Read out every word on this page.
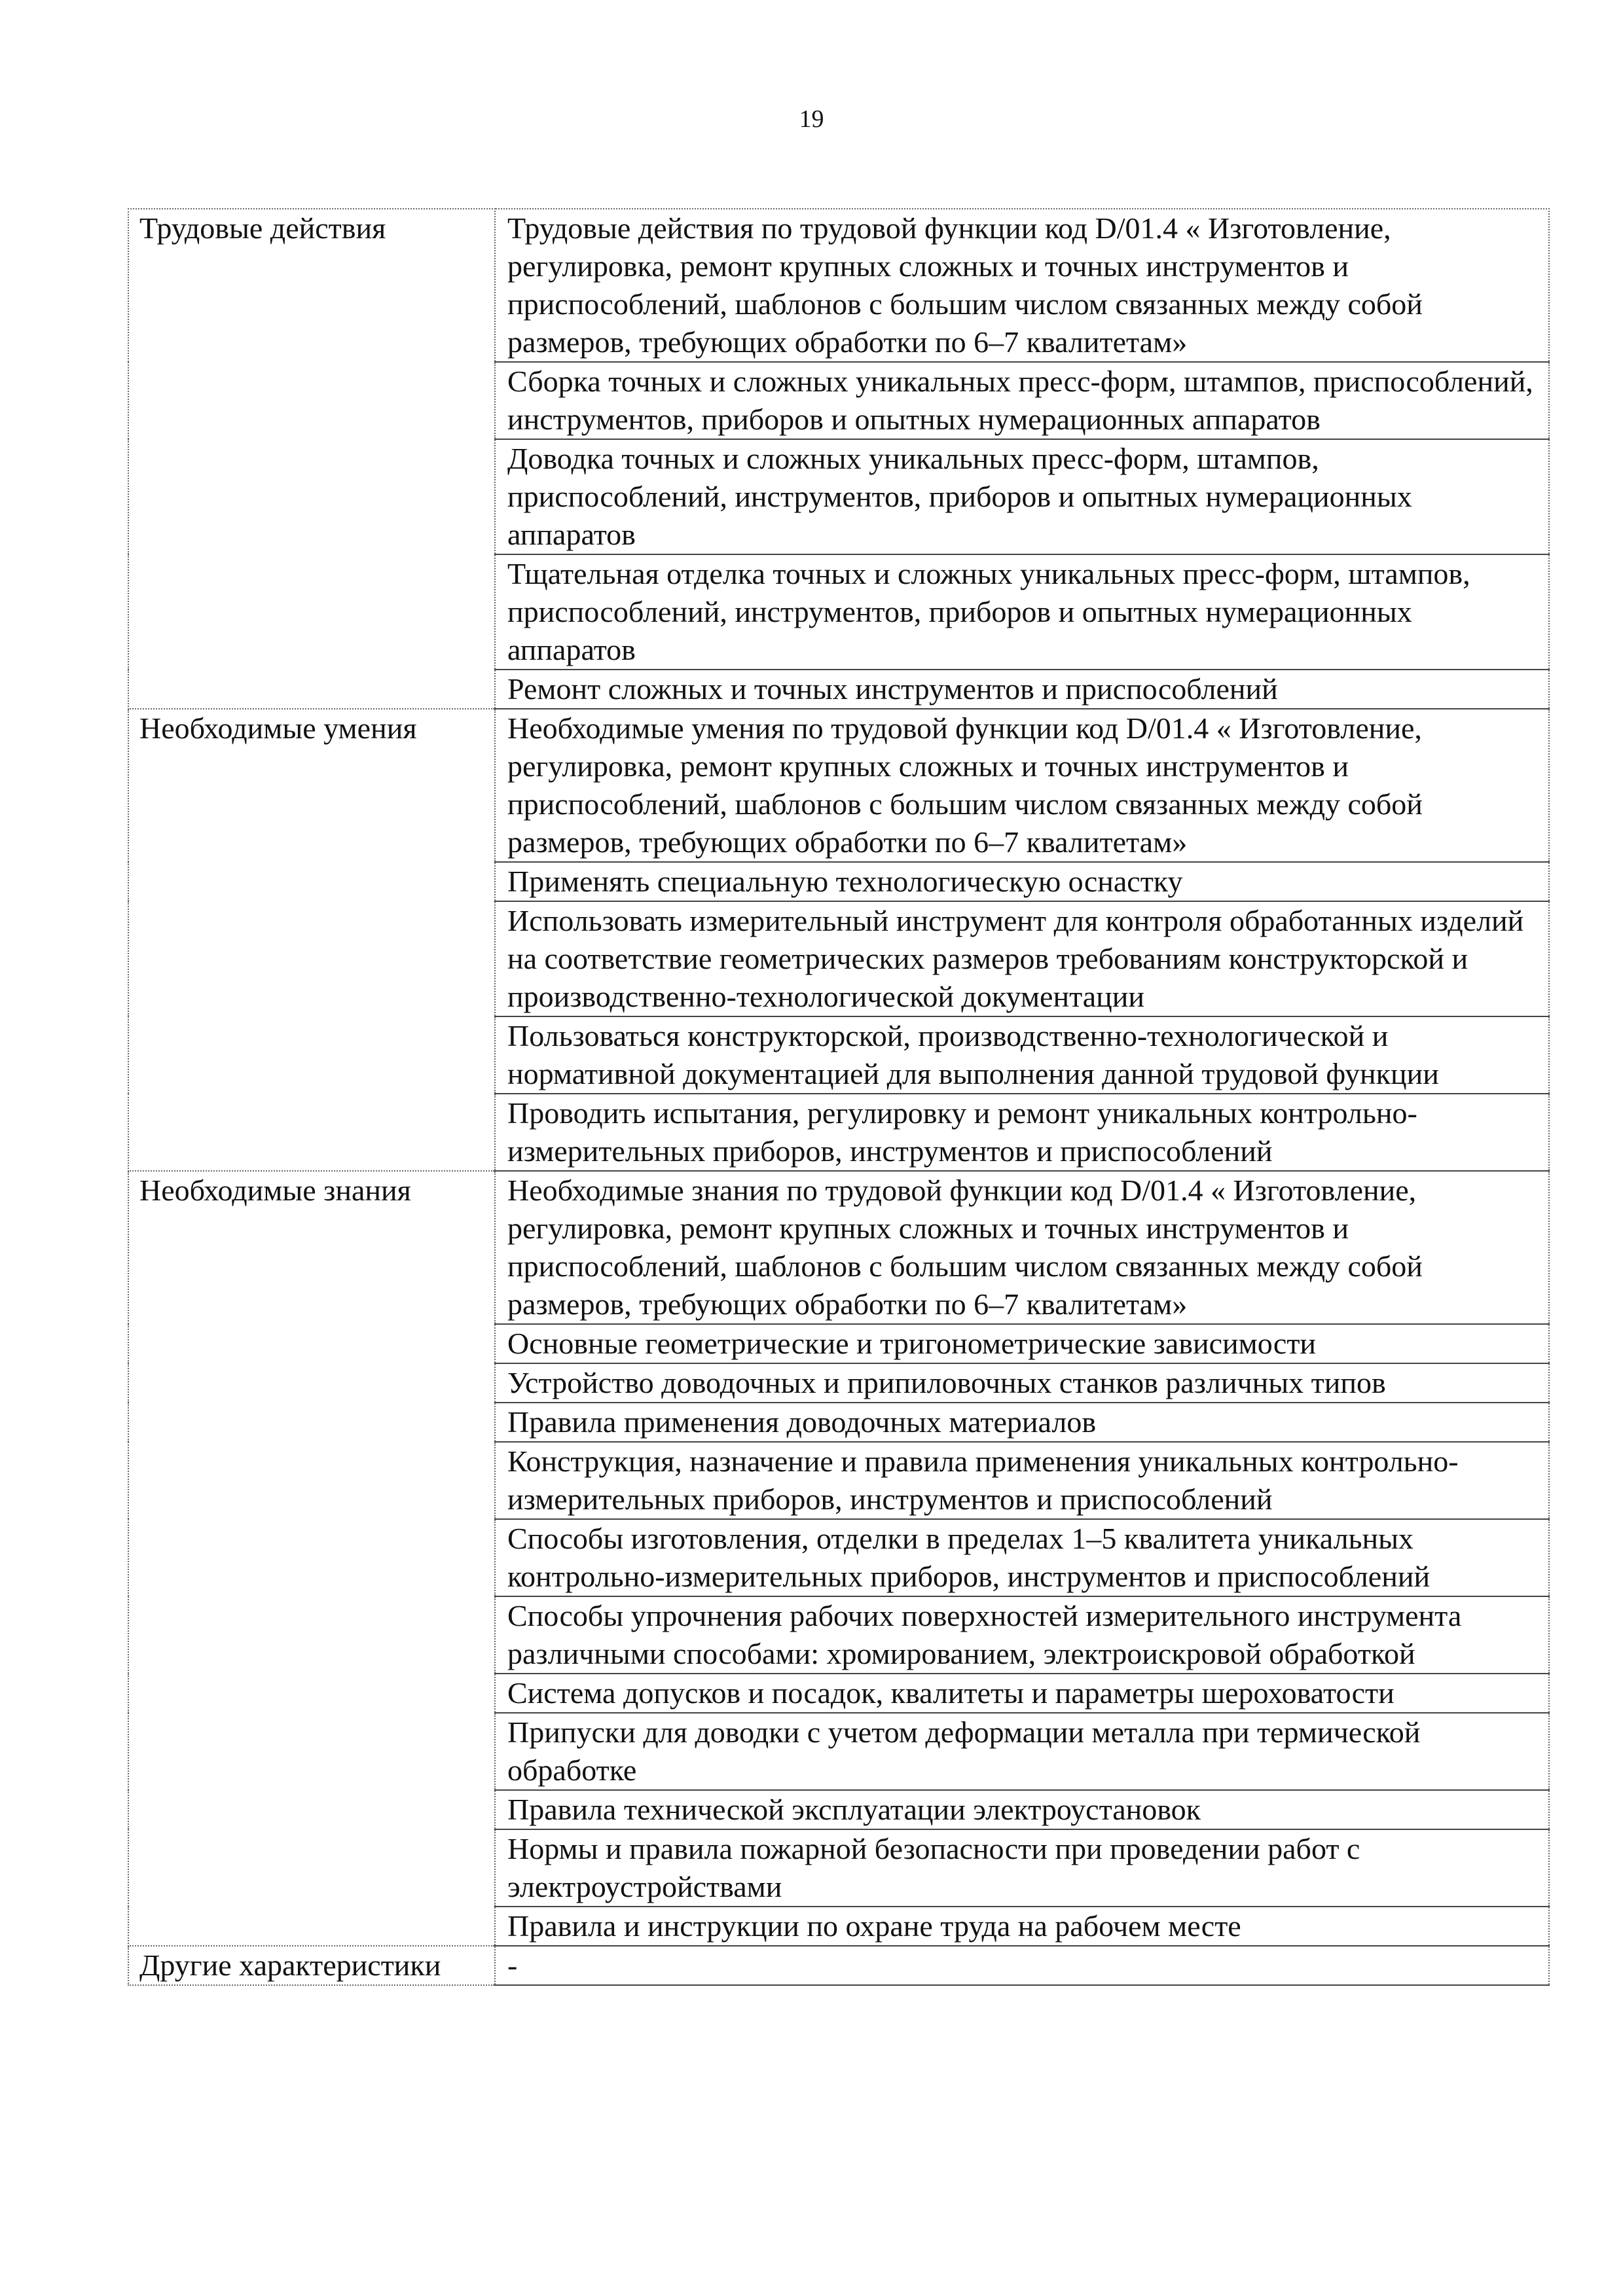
19
Трудовые действия	Трудовые действия по трудовой функции код D/01.4 « Изготовление, регулировка, ремонт крупных сложных и точных инструментов и приспособлений, шаблонов с большим числом связанных между собой размеров, требующих обработки по 6–7 квалитетам»
	Сборка точных и сложных уникальных пресс-форм, штампов, приспособлений, инструментов, приборов и опытных нумерационных аппаратов
	Доводка точных и сложных уникальных пресс-форм, штампов, приспособлений, инструментов, приборов и опытных нумерационных аппаратов
	Тщательная отделка точных и сложных уникальных пресс-форм, штампов, приспособлений, инструментов, приборов и опытных нумерационных аппаратов
	Ремонт сложных и точных инструментов и приспособлений
Необходимые умения	Необходимые умения по трудовой функции код D/01.4 « Изготовление, регулировка, ремонт крупных сложных и точных инструментов и приспособлений, шаблонов с большим числом связанных между собой размеров, требующих обработки по 6–7 квалитетам»
	Применять специальную технологическую оснастку
	Использовать измерительный инструмент для контроля обработанных изделий на соответствие геометрических размеров требованиям конструкторской и производственно-технологической документации
	Пользоваться конструкторской, производственно-технологической и нормативной документацией для выполнения данной трудовой функции
	Проводить испытания, регулировку и ремонт уникальных контрольно-измерительных приборов, инструментов и приспособлений
Необходимые знания	Необходимые знания по трудовой функции код D/01.4 « Изготовление, регулировка, ремонт крупных сложных и точных инструментов и приспособлений, шаблонов с большим числом связанных между собой размеров, требующих обработки по 6–7 квалитетам»
	Основные геометрические и тригонометрические зависимости
	Устройство доводочных и припиловочных станков различных типов
	Правила применения доводочных материалов
	Конструкция, назначение и правила применения уникальных контрольно-измерительных приборов, инструментов и приспособлений
	Способы изготовления, отделки в пределах 1–5 квалитета уникальных контрольно-измерительных приборов, инструментов и приспособлений
	Способы упрочнения рабочих поверхностей измерительного инструмента различными способами: хромированием, электроискровой обработкой
	Система допусков и посадок, квалитеты и параметры шероховатости
	Припуски для доводки с учетом деформации металла при термической обработке
	Правила технической эксплуатации электроустановок
	Нормы и правила пожарной безопасности при проведении работ с электроустройствами
	Правила и инструкции по охране труда на рабочем месте
Другие характеристики	-
